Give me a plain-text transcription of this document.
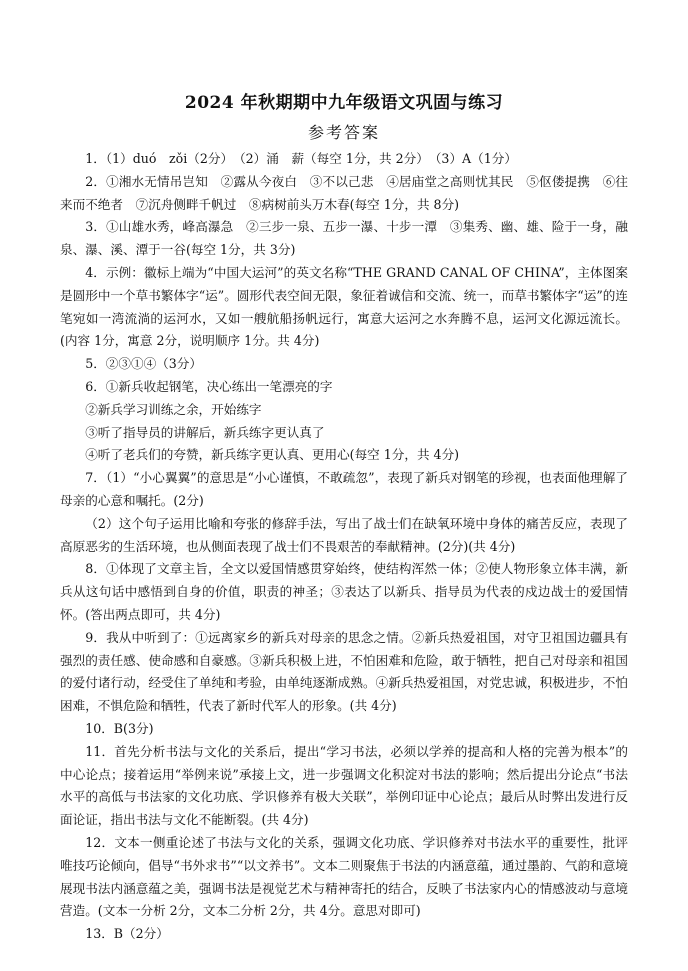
2024 年秋期期中九年级语文巩固与练习
参考答案

1．（1）duó　zǒi（2分）　（2）涌　薪（每空 1分，共 2分）　（3）A（1分）

2．①湘水无情吊岂知　②露从今夜白　③不以己悲　④居庙堂之高则忧其民　⑤伛偻提携　⑥往来而不绝者　⑦沉舟侧畔千帆过　⑧病树前头万木春(每空 1分，共 8分)

3．①山雄水秀，峰高瀑急　②三步一泉、五步一瀑、十步一潭　③集秀、幽、雄、险于一身，融泉、瀑、溪、潭于一谷(每空 1分，共 3分)

4．示例：徽标上端为“中国大运河”的英文名称“THE GRAND CANAL OF CHINA”，主体图案是圆形中一个草书繁体字“运”。圆形代表空间无限，象征着诚信和交流、统一，而草书繁体字“运”的连笔宛如一湾流淌的运河水，又如一艘航船扬帆远行，寓意大运河之水奔腾不息，运河文化源远流长。(内容 1分，寓意 2分，说明顺序 1分。共 4分)

5．②③①④（3分）

6．①新兵收起钢笔，决心练出一笔漂亮的字

②新兵学习训练之余，开始练字

③听了指导员的讲解后，新兵练字更认真了

④听了老兵们的夸赞，新兵练字更认真、更用心(每空 1分，共 4分)

7．（1）“小心翼翼”的意思是“小心谨慎，不敢疏忽”，表现了新兵对钢笔的珍视，也表面他理解了母亲的心意和嘱托。(2分)

（2）这个句子运用比喻和夸张的修辞手法，写出了战士们在缺氧环境中身体的痛苦反应，表现了高原恶劣的生活环境，也从侧面表现了战士们不畏艰苦的奉献精神。(2分)(共 4分)

8．①体现了文章主旨，全文以爱国情感贯穿始终，使结构浑然一体；②使人物形象立体丰满，新兵从这句话中感悟到自身的价值，职责的神圣；③表达了以新兵、指导员为代表的戍边战士的爱国情怀。(答出两点即可，共 4分)

9．我从中听到了：①远离家乡的新兵对母亲的思念之情。②新兵热爱祖国，对守卫祖国边疆具有强烈的责任感、使命感和自豪感。③新兵积极上进，不怕困难和危险，敢于牺牲，把自己对母亲和祖国的爱付诸行动，经受住了单纯和考验，由单纯逐渐成熟。④新兵热爱祖国，对党忠诚，积极进步，不怕困难，不惧危险和牺牲，代表了新时代军人的形象。(共 4分)

10．B(3分)

11．首先分析书法与文化的关系后，提出“学习书法，必须以学养的提高和人格的完善为根本”的中心论点；接着运用“举例来说”承接上文，进一步强调文化积淀对书法的影响；然后提出分论点“书法水平的高低与书法家的文化功底、学识修养有极大关联”，举例印证中心论点；最后从时弊出发进行反面论证，指出书法与文化不能断裂。(共 4分)

12．文本一侧重论述了书法与文化的关系，强调文化功底、学识修养对书法水平的重要性，批评唯技巧论倾向，倡导“书外求书”“以文养书”。文本二则聚焦于书法的内涵意蕴，通过墨韵、气韵和意境展现书法内涵意蕴之美，强调书法是视觉艺术与精神寄托的结合，反映了书法家内心的情感波动与意境营造。(文本一分析 2分，文本二分析 2分，共 4分。意思对即可)

13．B（2分）
